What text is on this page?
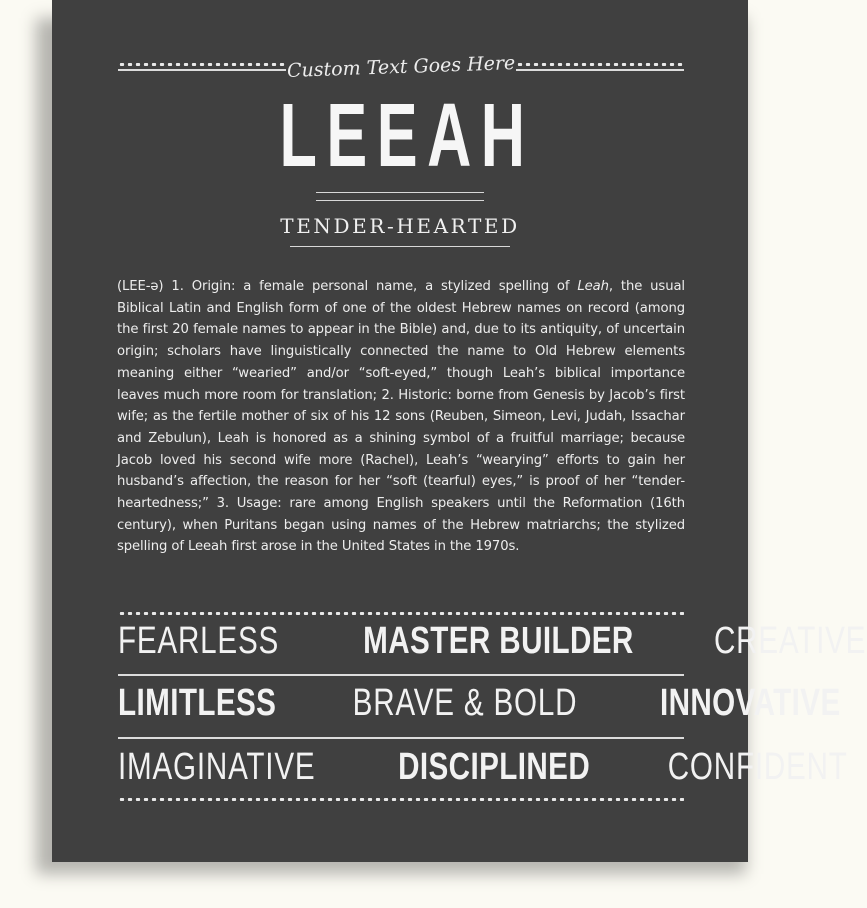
Custom Text Goes Here
LEEAH
TENDER-HEARTED
(LEE-ə) 1. Origin: a female personal name, a stylized spelling of Leah, the usual Biblical Latin and English form of one of the oldest Hebrew names on record (among the first 20 female names to appear in the Bible) and, due to its antiquity, of uncertain origin; scholars have linguistically connected the name to Old Hebrew elements meaning either “wearied” and/or “soft-eyed,” though Leah’s biblical importance leaves much more room for translation; 2. Historic: borne from Genesis by Jacob’s first wife; as the fertile mother of six of his 12 sons (Reuben, Simeon, Levi, Judah, Issachar and Zebulun), Leah is honored as a shining symbol of a fruitful marriage; because Jacob loved his second wife more (Rachel), Leah’s “wearying” efforts to gain her husband’s affection, the reason for her “soft (tearful) eyes,” is proof of her “tender-heartedness;” 3. Usage: rare among English speakers until the Reformation (16th century), when Puritans began using names of the Hebrew matriarchs; the stylized spelling of Leeah first arose in the United States in the 1970s.
FEARLESS MASTER BUILDER CREATIVE
LIMITLESS BRAVE & BOLD INNOVATIVE
IMAGINATIVE DISCIPLINED CONFIDENT
